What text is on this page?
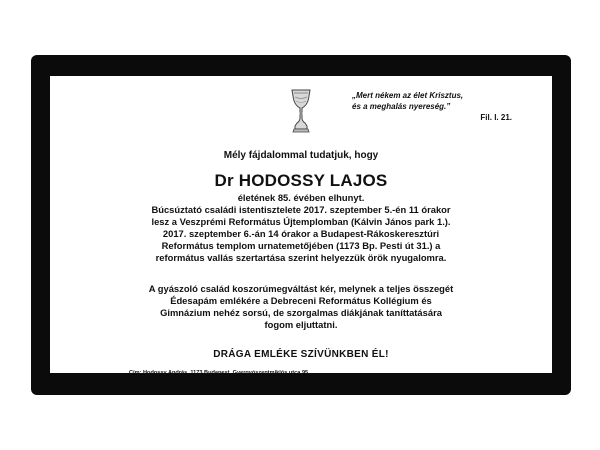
„Mert nékem az élet Krisztus,
és a meghalás nyereség.”
Fil. I. 21.
Mély fájdalommal tudatjuk, hogy
Dr HODOSSY LAJOS
életének 85. évében elhunyt.
Búcsúztató családi istentisztelete 2017. szeptember 5.-én 11 órakor
lesz a Veszprémi Református Újtemplomban (Kálvin János park 1.).
2017. szeptember 6.-án 14 órakor a Budapest-Rákoskeresztúri
Református templom urnatemetőjében (1173 Bp. Pesti út 31.) a
református vallás szertartása szerint helyezzük örök nyugalomra.
A gyászoló család koszorúmegváltást kér, melynek a teljes összegét
Édesapám emlékére a Debreceni Református Kollégium és
Gimnázium nehéz sorsú, de szorgalmas diákjának taníttatására
fogom eljuttatni.
DRÁGA EMLÉKE SZÍVÜNKBEN ÉL!
Cím: Hodossy András, 1173 Budapest, Gyergyószentmiklós utca 95.
